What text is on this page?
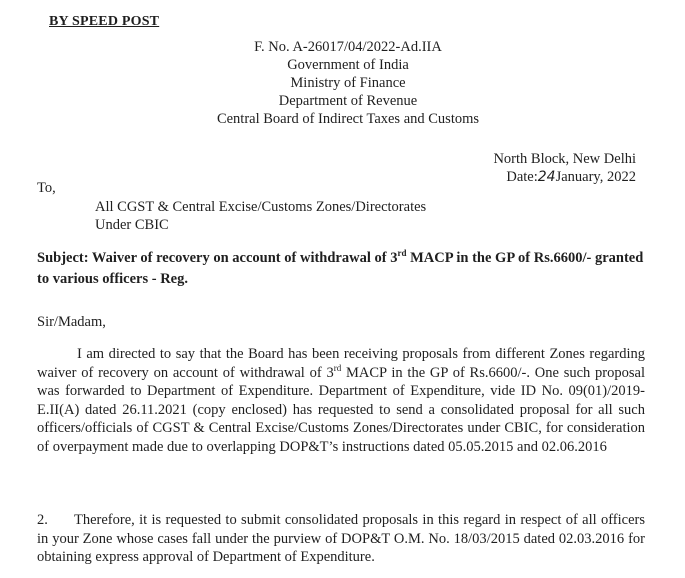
BY SPEED POST
F. No. A-26017/04/2022-Ad.IIA
Government of India
Ministry of Finance
Department of Revenue
Central Board of Indirect Taxes and Customs
North Block, New Delhi
Date:24January, 2022
To,
All CGST & Central Excise/Customs Zones/Directorates
Under CBIC
Subject: Waiver of recovery on account of withdrawal of 3rd MACP in the GP of Rs.6600/- granted to various officers - Reg.
Sir/Madam,
I am directed to say that the Board has been receiving proposals from different Zones regarding waiver of recovery on account of withdrawal of 3rd MACP in the GP of Rs.6600/-. One such proposal was forwarded to Department of Expenditure. Department of Expenditure, vide ID No. 09(01)/2019-E.II(A) dated 26.11.2021 (copy enclosed) has requested to send a consolidated proposal for all such officers/officials of CGST & Central Excise/Customs Zones/Directorates under CBIC, for consideration of overpayment made due to overlapping DOP&T’s instructions dated 05.05.2015 and 02.06.2016
2. Therefore, it is requested to submit consolidated proposals in this regard in respect of all officers in your Zone whose cases fall under the purview of DOP&T O.M. No. 18/03/2015 dated 02.03.2016 for obtaining express approval of Department of Expenditure.
